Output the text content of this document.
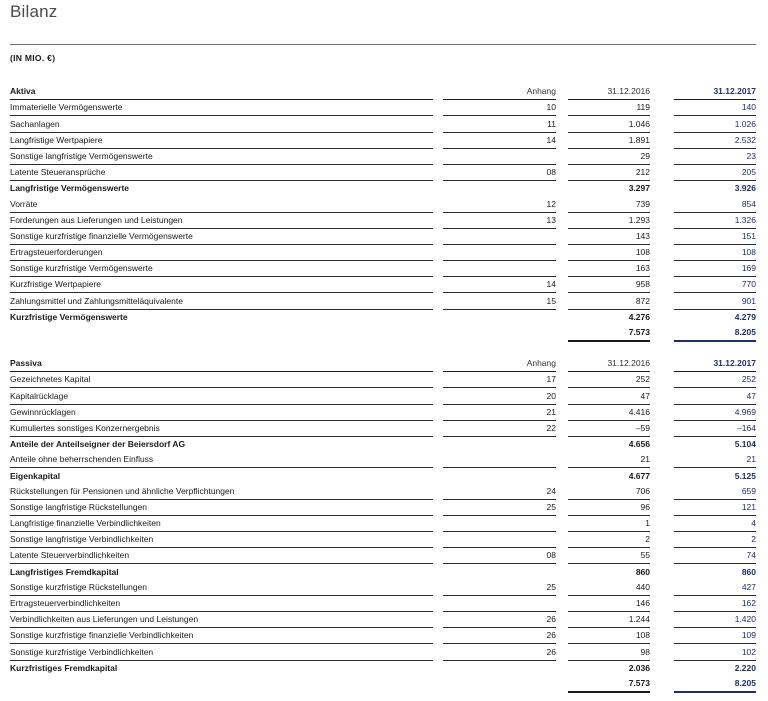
Bilanz
(IN MIO. €)
Aktiva		Anhang		31.12.2016		31.12.2017
Immaterielle Vermögenswerte		10		119		140
Sachanlagen		11		1.046		1.026
Langfristige Wertpapiere		14		1.891		2.532
Sonstige langfristige Vermögenswerte				29		23
Latente Steueransprüche		08		212		205
Langfristige Vermögenswerte				3.297		3.926
Vorräte		12		739		854
Forderungen aus Lieferungen und Leistungen		13		1.293		1.326
Sonstige kurzfristige finanzielle Vermögenswerte				143		151
Ertragsteuerforderungen				108		108
Sonstige kurzfristige Vermögenswerte				163		169
Kurzfristige Wertpapiere		14		958		770
Zahlungsmittel und Zahlungsmitteläquivalente		15		872		901
Kurzfristige Vermögenswerte				4.276		4.279
				7.573		8.205
Passiva		Anhang		31.12.2016		31.12.2017
Gezeichnetes Kapital		17		252		252
Kapitalrücklage		20		47		47
Gewinnrücklagen		21		4.416		4.969
Kumuliertes sonstiges Konzernergebnis		22		–59		–164
Anteile der Anteilseigner der Beiersdorf AG				4.656		5.104
Anteile ohne beherrschenden Einfluss				21		21
Eigenkapital				4.677		5.125
Rückstellungen für Pensionen und ähnliche Verpflichtungen		24		706		659
Sonstige langfristige Rückstellungen		25		96		121
Langfristige finanzielle Verbindlichkeiten				1		4
Sonstige langfristige Verbindlichkeiten				2		2
Latente Steuerverbindlichkeiten		08		55		74
Langfristiges Fremdkapital				860		860
Sonstige kurzfristige Rückstellungen		25		440		427
Ertragsteuerverbindlichkeiten				146		162
Verbindlichkeiten aus Lieferungen und Leistungen		26		1.244		1.420
Sonstige kurzfristige finanzielle Verbindlichkeiten		26		108		109
Sonstige kurzfristige Verbindlichkeiten		26		98		102
Kurzfristiges Fremdkapital				2.036		2.220
				7.573		8.205
